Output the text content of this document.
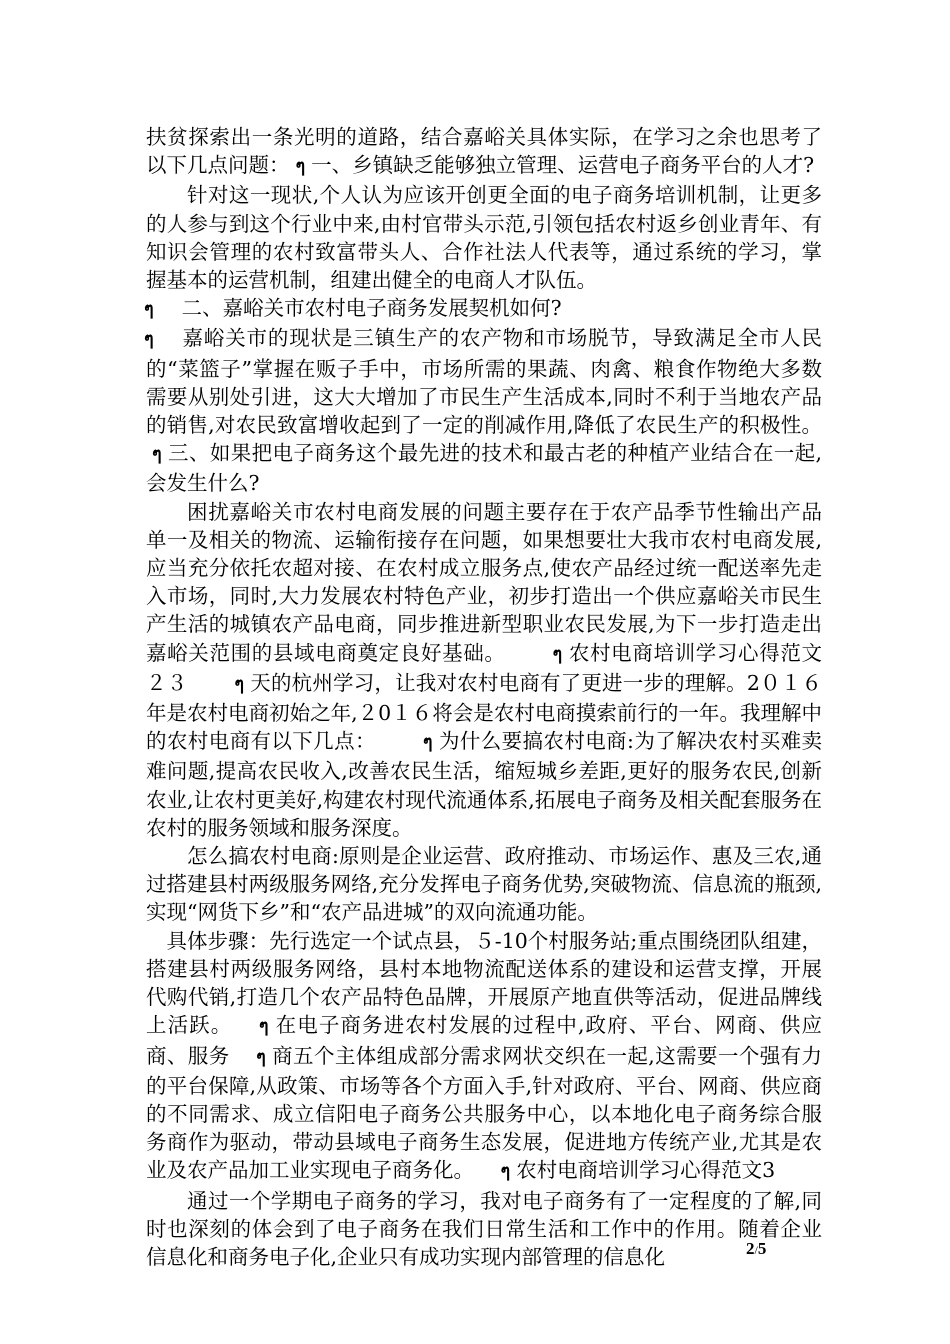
扶贫探索出一条光明的道路，结合嘉峪关具体实际，在学习之余也思考了以下几点问题： ๆ 一、乡镇缺乏能够独立管理、运营电子商务平台的人才?

针对这一现状,个人认为应该开创更全面的电子商务培训机制，让更多的人参与到这个行业中来,由村官带头示范,引领包括农村返乡创业青年、有知识会管理的农村致富带头人、合作社法人代表等，通过系统的学习，掌握基本的运营机制，组建出健全的电商人才队伍。

ๆ 二、嘉峪关市农村电子商务发展契机如何?

ๆ 嘉峪关市的现状是三镇生产的农产物和市场脱节，导致满足全市人民的“菜篮子”掌握在贩子手中，市场所需的果蔬、肉禽、粮食作物绝大多数需要从别处引进，这大大增加了市民生产生活成本,同时不利于当地农产品的销售,对农民致富增收起到了一定的削减作用,降低了农民生产的积极性。ๆ 三、如果把电子商务这个最先进的技术和最古老的种植产业结合在一起,会发生什么?

困扰嘉峪关市农村电商发展的问题主要存在于农产品季节性输出产品单一及相关的物流、运输衔接存在问题，如果想要壮大我市农村电商发展,应当充分依托农超对接、在农村成立服务点,使农产品经过统一配送率先走入市场，同时,大力发展农村特色产业，初步打造出一个供应嘉峪关市民生产生活的城镇农产品电商，同步推进新型职业农民发展,为下一步打造走出嘉峪关范围的县域电商奠定良好基础。	ๆ 农村电商培训学习心得范文２３	ๆ 天的杭州学习，让我对农村电商有了更进一步的理解。2０１６年是农村电商初始之年,２0１６将会是农村电商摸索前行的一年。我理解中的农村电商有以下几点：	ๆ 为什么要搞农村电商:为了解决农村买难卖难问题,提高农民收入,改善农民生活，缩短城乡差距,更好的服务农民,创新农业,让农村更美好,构建农村现代流通体系,拓展电子商务及相关配套服务在农村的服务领域和服务深度。

怎么搞农村电商:原则是企业运营、政府推动、市场运作、惠及三农,通过搭建县村两级服务网络,充分发挥电子商务优势,突破物流、信息流的瓶颈,实现“网货下乡”和“农产品进城”的双向流通功能。

具体步骤：先行选定一个试点县，５-10个村服务站;重点围绕团队组建，搭建县村两级服务网络，县村本地物流配送体系的建设和运营支撑，开展代购代销,打造几个农产品特色品牌，开展原产地直供等活动，促进品牌线上活跃。 ๆ 在电子商务进农村发展的过程中,政府、平台、网商、供应商、服务 ๆ 商五个主体组成部分需求网状交织在一起,这需要一个强有力的平台保障,从政策、市场等各个方面入手,针对政府、平台、网商、供应商的不同需求、成立信阳电子商务公共服务中心，以本地化电子商务综合服务商作为驱动，带动县域电子商务生态发展，促进地方传统产业,尤其是农业及农产品加工业实现电子商务化。 ๆ 农村电商培训学习心得范文3

通过一个学期电子商务的学习，我对电子商务有了一定程度的了解,同时也深刻的体会到了电子商务在我们日常生活和工作中的作用。随着企业信息化和商务电子化,企业只有成功实现内部管理的信息化	2/5
